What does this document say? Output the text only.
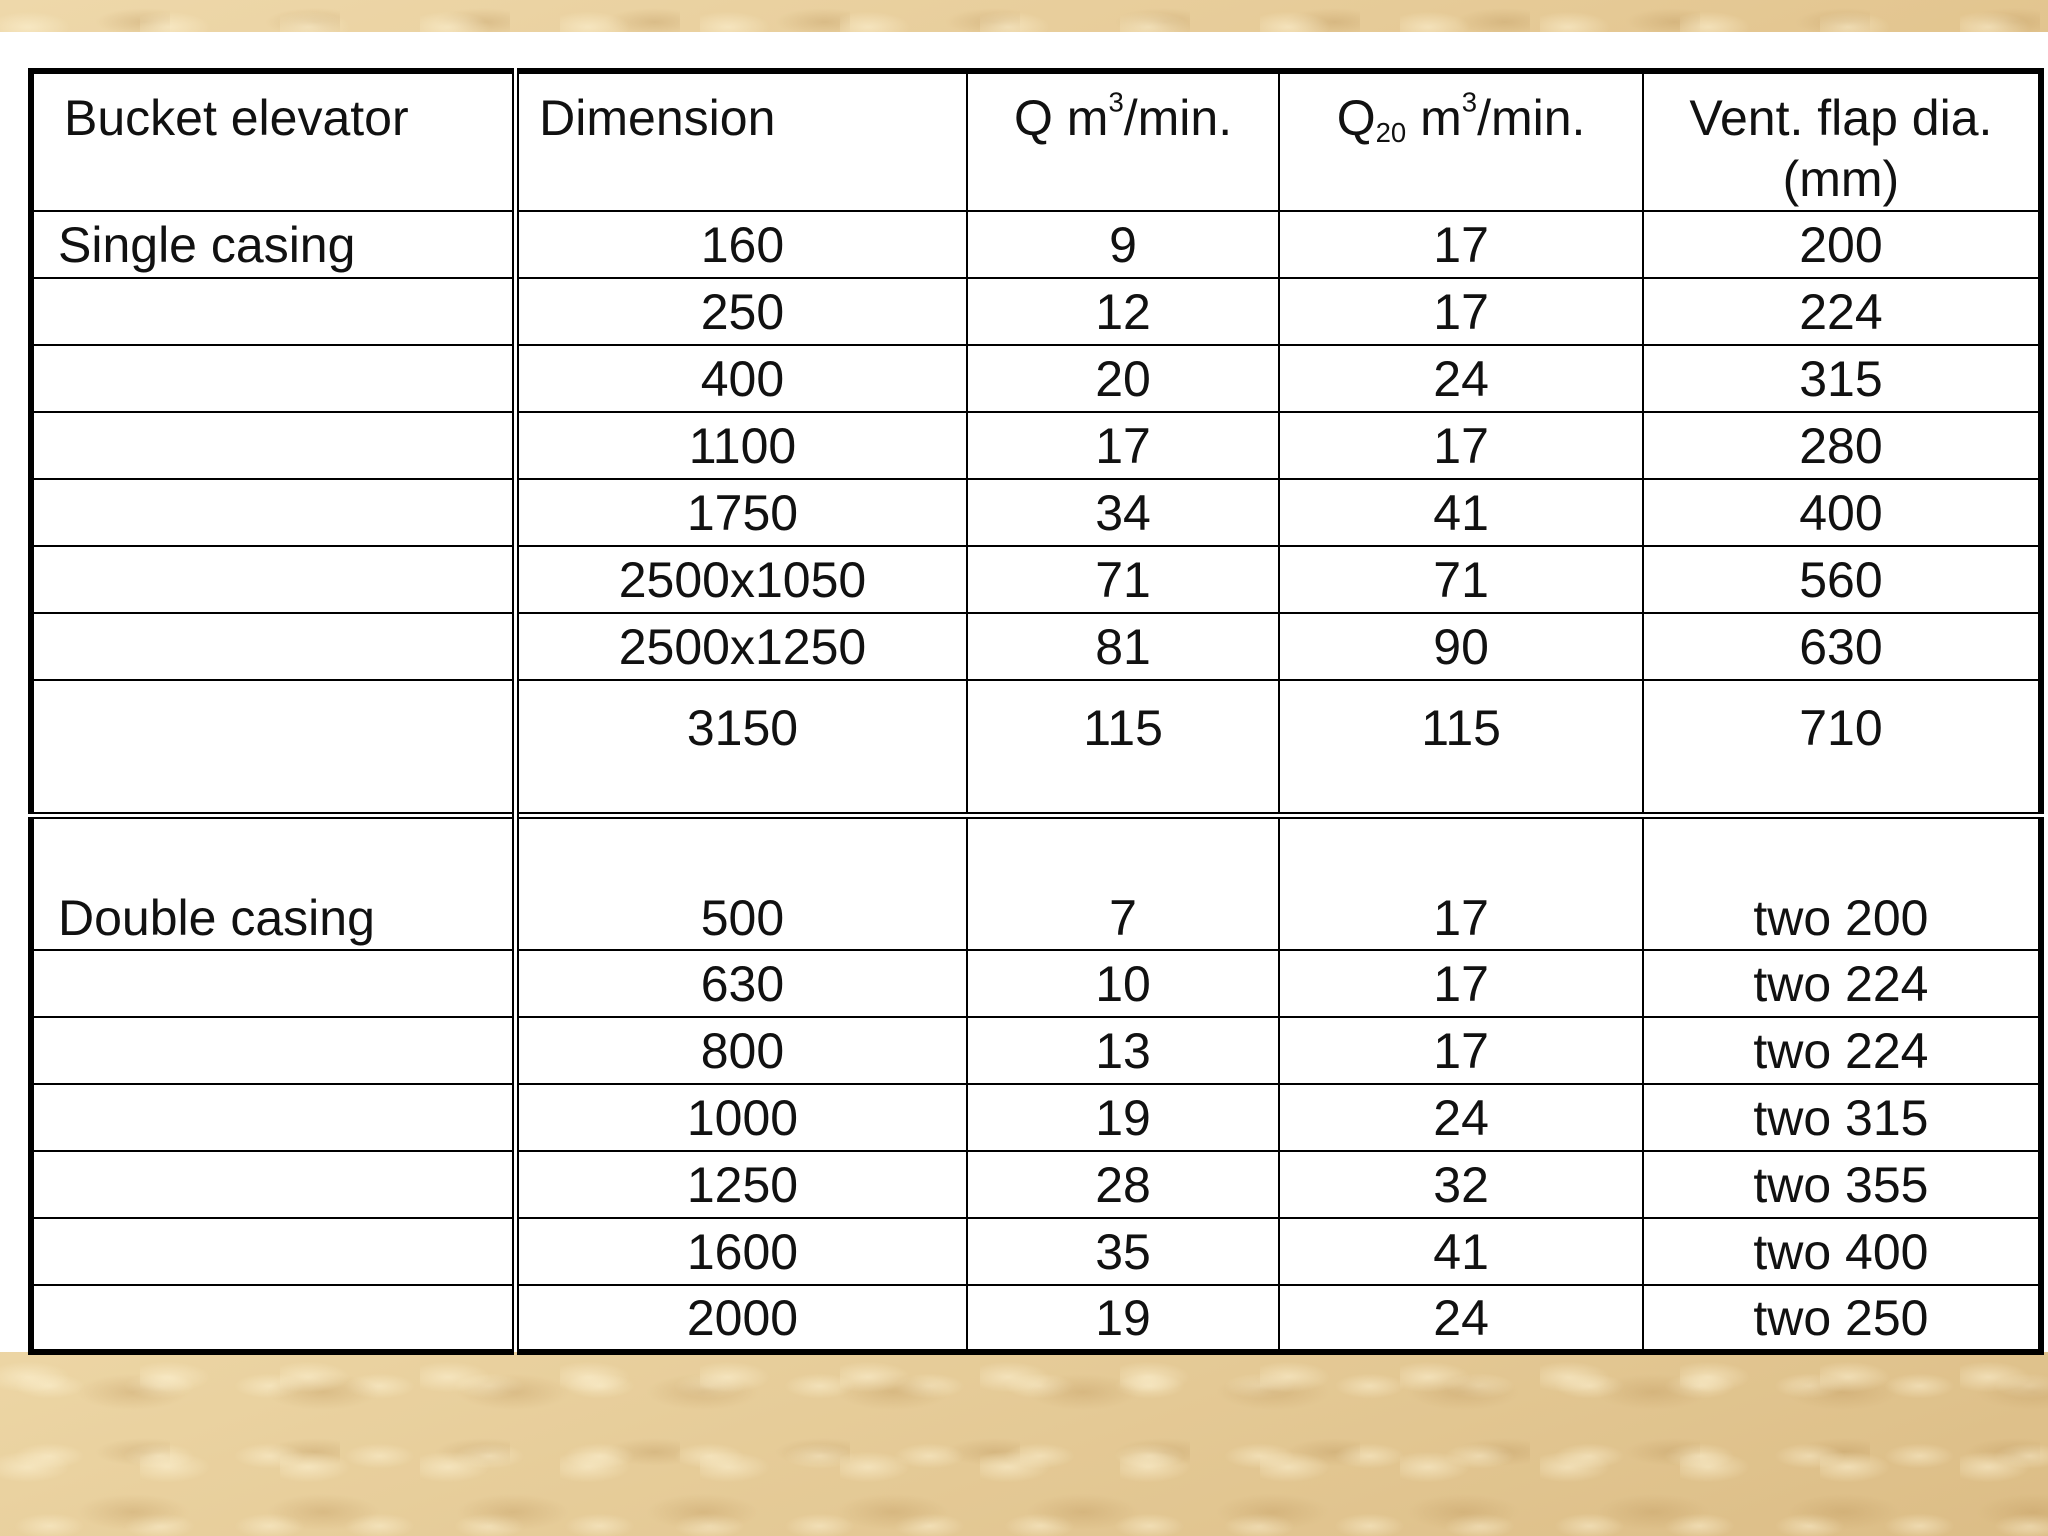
Bucket elevator	Dimension	Q $m^3/\min$.	$Q_{20}$ $m^3/\min$.	Vent. flap dia.
(mm)
Single casing	160	9	17	200
	250	12	17	224
	400	20	24	315
	1100	17	17	280
	1750	34	41	400
	2500x1050	71	71	560
	2500x1250	81	90	630
	3150	115	115	710
Double casing	500	7	17	two 200
	630	10	17	two 224
	800	13	17	two 224
	1000	19	24	two 315
	1250	28	32	two 355
	1600	35	41	two 400
	2000	19	24	two 250
